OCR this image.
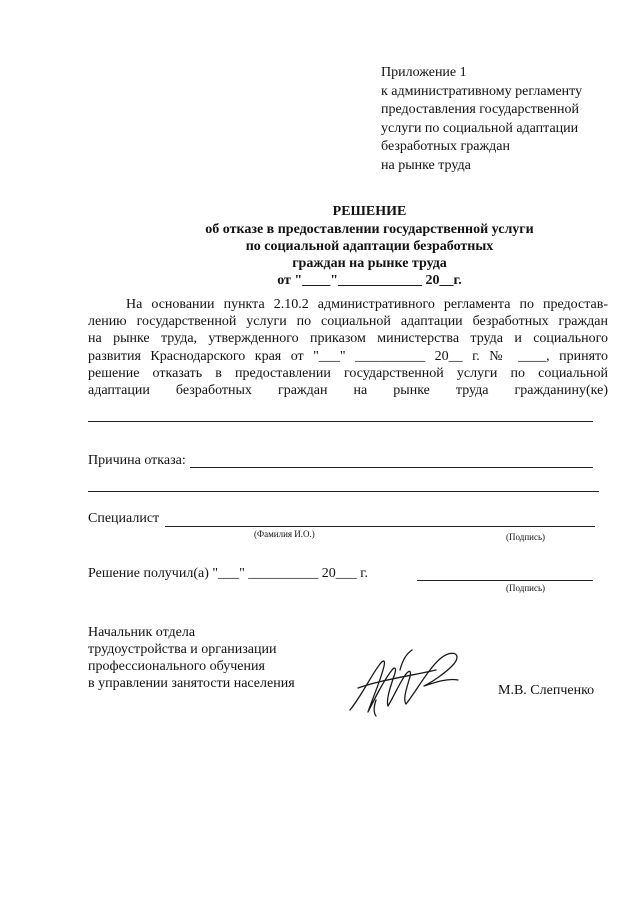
Приложение 1
к административному регламенту
предоставления государственной
услуги по социальной адаптации
безработных граждан
на рынке труда
РЕШЕНИЕ
об отказе в предоставлении государственной услуги
по социальной адаптации безработных
граждан на рынке труда
от "____"____________ 20__г.
На основании пункта 2.10.2 административного регламента по предостав-
лению государственной услуги по социальной адаптации безработных граждан
на рынке труда, утвержденного приказом министерства труда и социального
развития Краснодарского края от "___" __________ 20__ г. № ____, принято
решение отказать в предоставлении государственной услуги по социальной
адаптации безработных граждан на рынке труда гражданину(ке)
Причина отказа:
Специалист
(Фамилия И.О.)	(Подпись)
Решение получил(а) "___" __________ 20___ г.
(Подпись)
Начальник отдела
трудоустройства и организации
профессионального обучения
в управлении занятости населения	М.В. Слепченко
